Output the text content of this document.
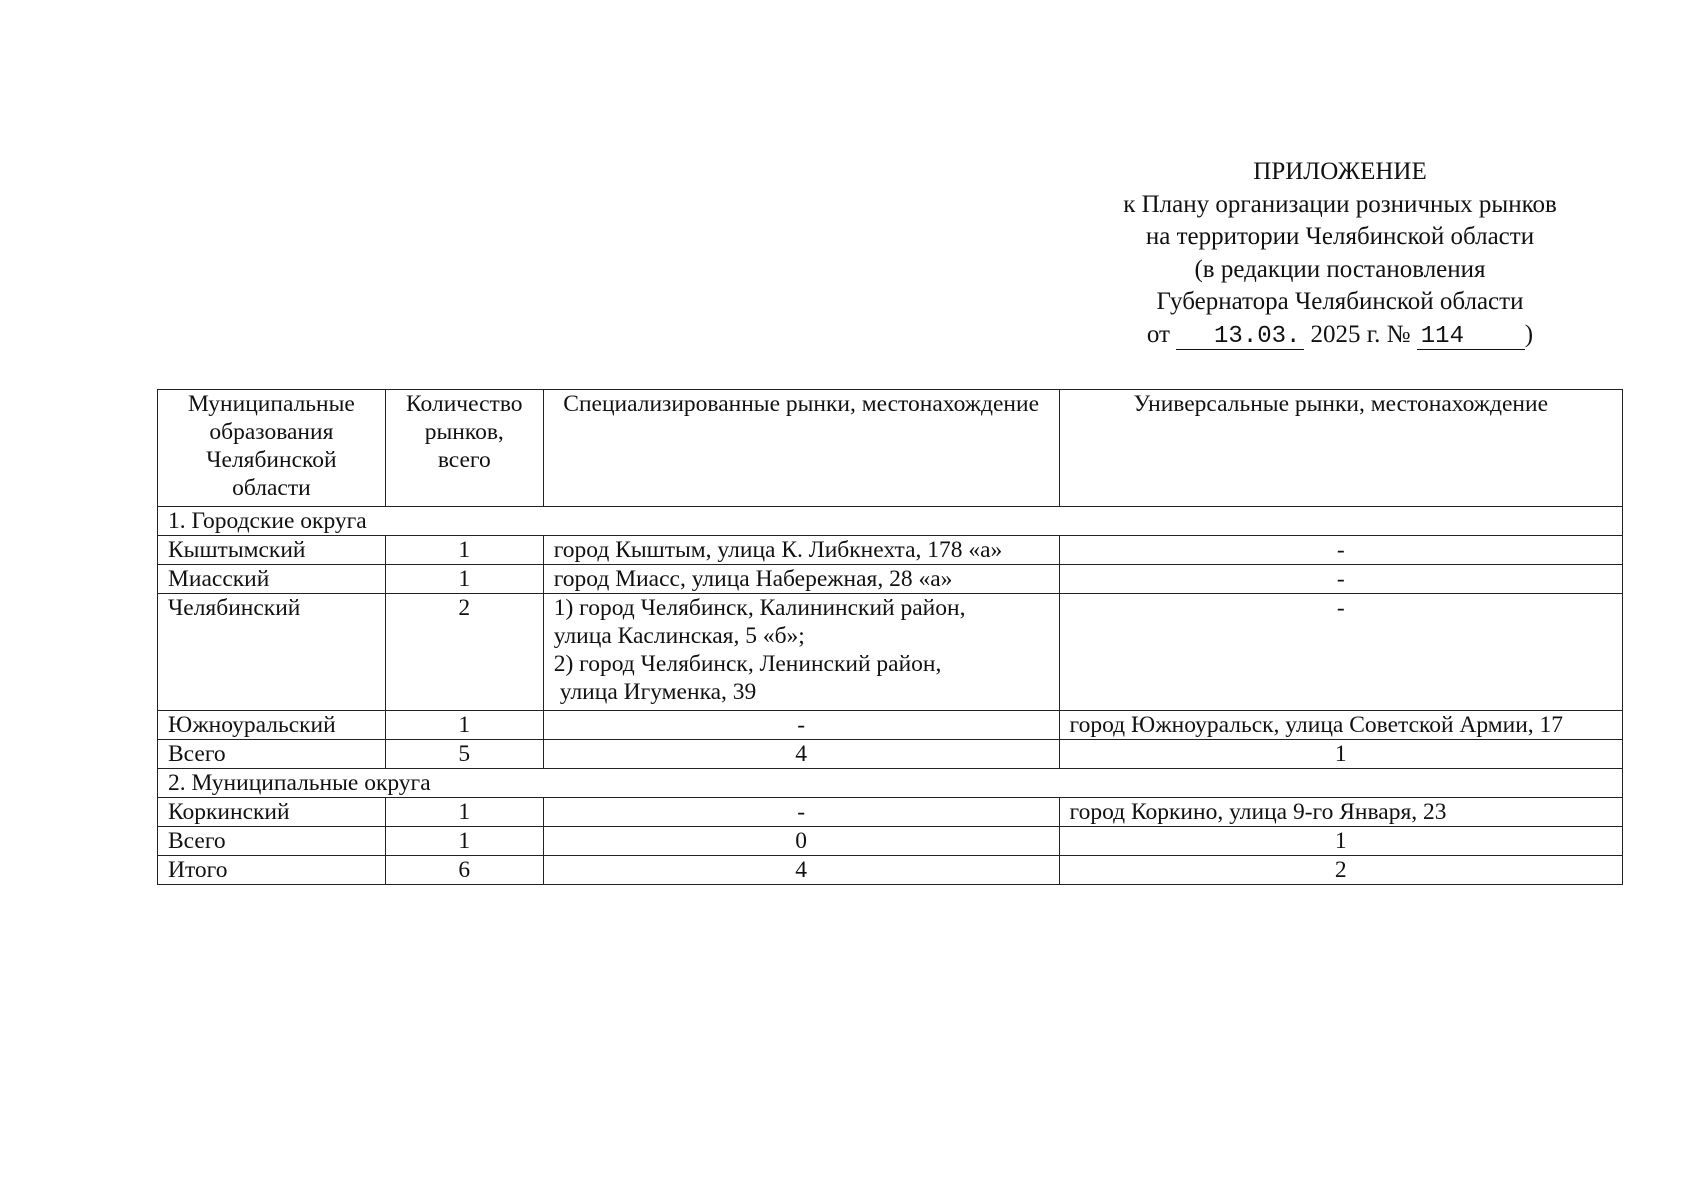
ПРИЛОЖЕНИЕ
к Плану организации розничных рынков
на территории Челябинской области
(в редакции постановления
Губернатора Челябинской области
от 13.03. 2025 г. № 114 )
Муниципальные образования Челябинской области	Количество рынков, всего	Специализированные рынки, местонахождение	Универсальные рынки, местонахождение
1. Городские округа			
Кыштымский	1	город Кыштым, улица К. Либкнехта, 178 «а»	-
Миасский	1	город Миасс, улица Набережная, 28 «а»	-
Челябинский	2	1) город Челябинск, Калининский район,
улица Каслинская, 5 «б»;
2) город Челябинск, Ленинский район,
улица Игуменка, 39	-
Южноуральский	1	-	город Южноуральск, улица Советской Армии, 17
Всего	5	4	1
2. Муниципальные округа			
Коркинский	1	-	город Коркино, улица 9-го Января, 23
Всего	1	0	1
Итого	6	4	2
